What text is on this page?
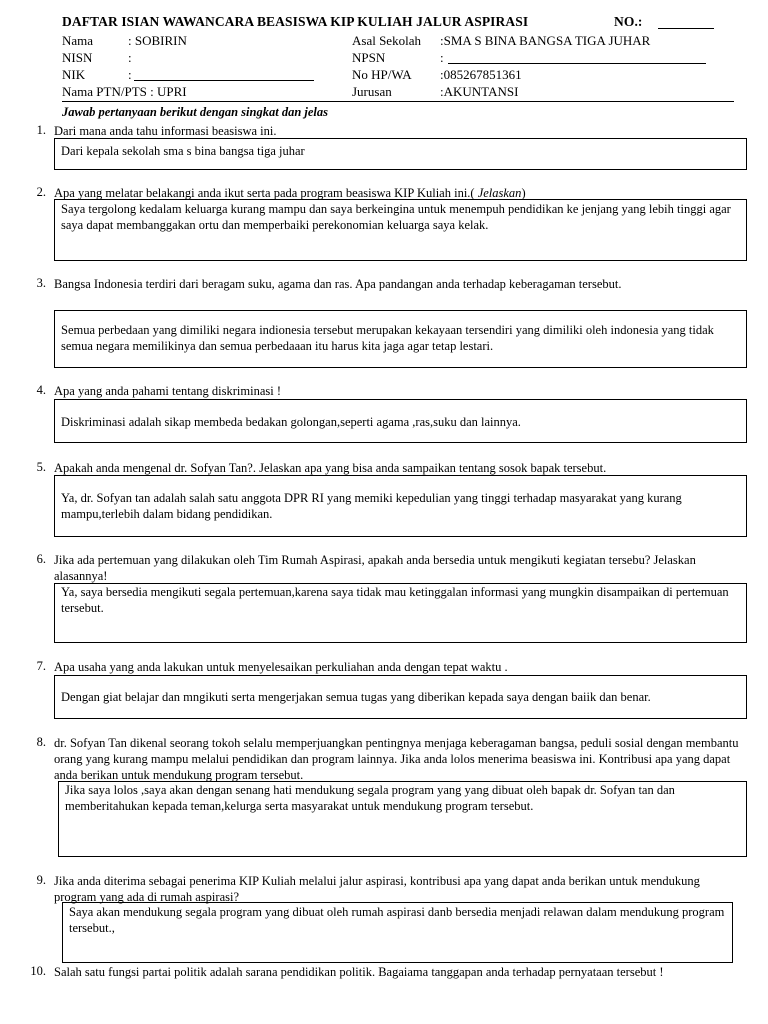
DAFTAR ISIAN WAWANCARA BEASISWA KIP KULIAH JALUR ASPIRASI	NO.:
Nama	: SOBIRIN
NISN	:
NIK	:
Nama PTN/PTS : UPRI
Asal Sekolah :SMA S BINA BANGSA TIGA JUHAR
NPSN	:
No HP/WA :085267851361
Jurusan	:AKUNTANSI
Jawab pertanyaan berikut dengan singkat dan jelas
1. Dari mana anda tahu informasi beasiswa ini.
Dari kepala sekolah sma s bina bangsa tiga juhar
2. Apa yang melatar belakangi anda ikut serta pada program beasiswa KIP Kuliah ini.( Jelaskan)
Saya tergolong kedalam keluarga kurang mampu dan saya berkeingina untuk menempuh pendidikan ke jenjang yang lebih tinggi agar saya dapat membanggakan ortu dan memperbaiki perekonomian keluarga saya kelak.
3. Bangsa Indonesia terdiri dari beragam suku, agama dan ras. Apa pandangan anda terhadap keberagaman tersebut.
Semua perbedaan yang dimiliki negara indionesia tersebut merupakan kekayaan tersendiri yang dimiliki oleh indonesia yang tidak semua negara memilikinya dan semua perbedaaan itu harus kita jaga agar tetap lestari.
4. Apa yang anda pahami tentang diskriminasi !
Diskriminasi adalah sikap membeda bedakan golongan,seperti agama ,ras,suku dan lainnya.
5. Apakah anda mengenal dr. Sofyan Tan?. Jelaskan apa yang bisa anda sampaikan tentang sosok bapak tersebut.
Ya, dr. Sofyan tan adalah salah satu anggota DPR RI yang memiki kepedulian yang tinggi terhadap masyarakat yang kurang mampu,terlebih dalam bidang pendidikan.
6. Jika ada pertemuan yang dilakukan oleh Tim Rumah Aspirasi, apakah anda bersedia untuk mengikuti kegiatan tersebu? Jelaskan alasannya!
Ya, saya bersedia mengikuti segala pertemuan,karena saya tidak mau ketinggalan informasi yang mungkin disampaikan di pertemuan tersebut.
7. Apa usaha yang anda lakukan untuk menyelesaikan perkuliahan anda dengan tepat waktu .
Dengan giat belajar dan mngikuti serta mengerjakan semua tugas yang diberikan kepada saya dengan baiik dan benar.
8. dr. Sofyan Tan dikenal seorang tokoh selalu memperjuangkan pentingnya menjaga keberagaman bangsa, peduli sosial dengan membantu orang yang kurang mampu melalui pendidikan dan program lainnya. Jika anda lolos menerima beasiswa ini. Kontribusi apa yang dapat anda berikan untuk mendukung program tersebut.
Jika saya lolos ,saya akan dengan senang hati mendukung segala program yang yang dibuat oleh bapak dr. Sofyan tan dan memberitahukan kepada teman,kelurga serta masyarakat untuk mendukung program tersebut.
9. Jika anda diterima sebagai penerima KIP Kuliah melalui jalur aspirasi, kontribusi apa yang dapat anda berikan untuk mendukung program yang ada di rumah aspirasi?
Saya akan mendukung segala program yang dibuat oleh rumah aspirasi danb bersedia menjadi relawan dalam mendukung program tersebut.,
10. Salah satu fungsi partai politik adalah sarana pendidikan politik. Bagaiama tanggapan anda terhadap pernyataan tersebut !
